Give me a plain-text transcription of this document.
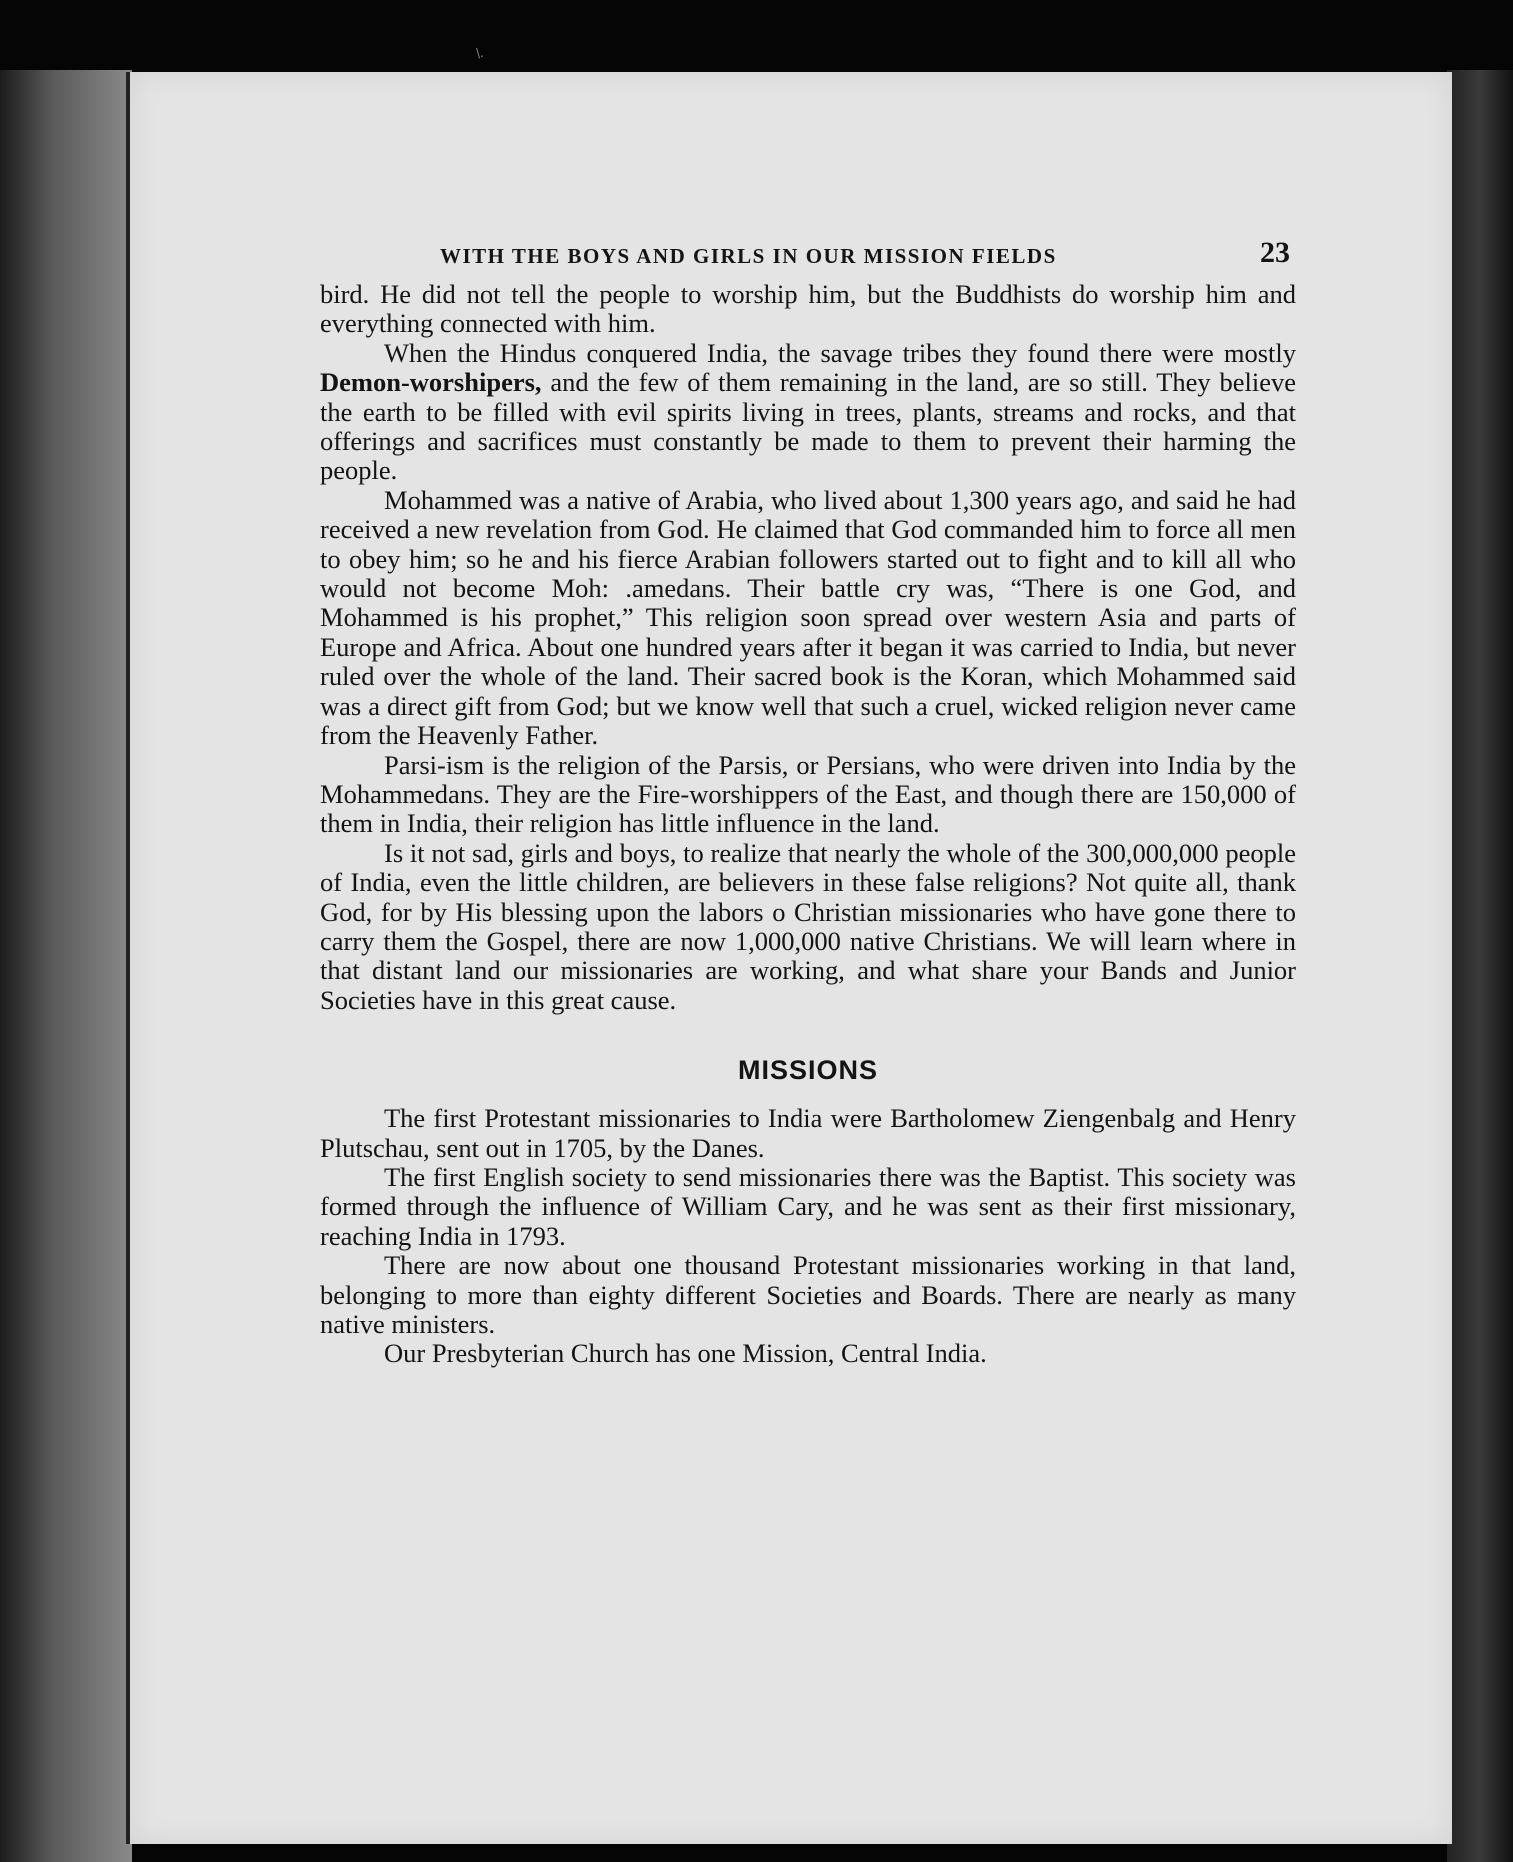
\.
WITH THE BOYS AND GIRLS IN OUR MISSION FIELDS	23

bird. He did not tell the people to worship him, but the Buddhists do worship him and everything connected with him.

When the Hindus conquered India, the savage tribes they found there were mostly Demon-worshipers, and the few of them remaining in the land, are so still. They believe the earth to be filled with evil spirits living in trees, plants, streams and rocks, and that offerings and sacrifices must constantly be made to them to prevent their harming the people.

Mohammed was a native of Arabia, who lived about 1,300 years ago, and said he had received a new revelation from God. He claimed that God commanded him to force all men to obey him; so he and his fierce Arabian followers started out to fight and to kill all who would not become Moh: .amedans. Their battle cry was, “There is one God, and Mohammed is his prophet,” This religion soon spread over western Asia and parts of Europe and Africa. About one hundred years after it began it was carried to India, but never ruled over the whole of the land. Their sacred book is the Koran, which Mohammed said was a direct gift from God; but we know well that such a cruel, wicked religion never came from the Heavenly Father.

Parsi-ism is the religion of the Parsis, or Persians, who were driven into India by the Mohammedans. They are the Fire-worshippers of the East, and though there are 150,000 of them in India, their religion has little influence in the land.

Is it not sad, girls and boys, to realize that nearly the whole of the 300,000,000 people of India, even the little children, are believers in these false religions? Not quite all, thank God, for by His blessing upon the labors o Christian missionaries who have gone there to carry them the Gospel, there are now 1,000,000 native Christians. We will learn where in that distant land our missionaries are working, and what share your Bands and Junior Societies have in this great cause.

MISSIONS

The first Protestant missionaries to India were Bartholomew Ziengenbalg and Henry Plutschau, sent out in 1705, by the Danes.

The first English society to send missionaries there was the Baptist. This society was formed through the influence of William Cary, and he was sent as their first missionary, reaching India in 1793.

There are now about one thousand Protestant missionaries working in that land, belonging to more than eighty different Societies and Boards. There are nearly as many native ministers.

Our Presbyterian Church has one Mission, Central India.
